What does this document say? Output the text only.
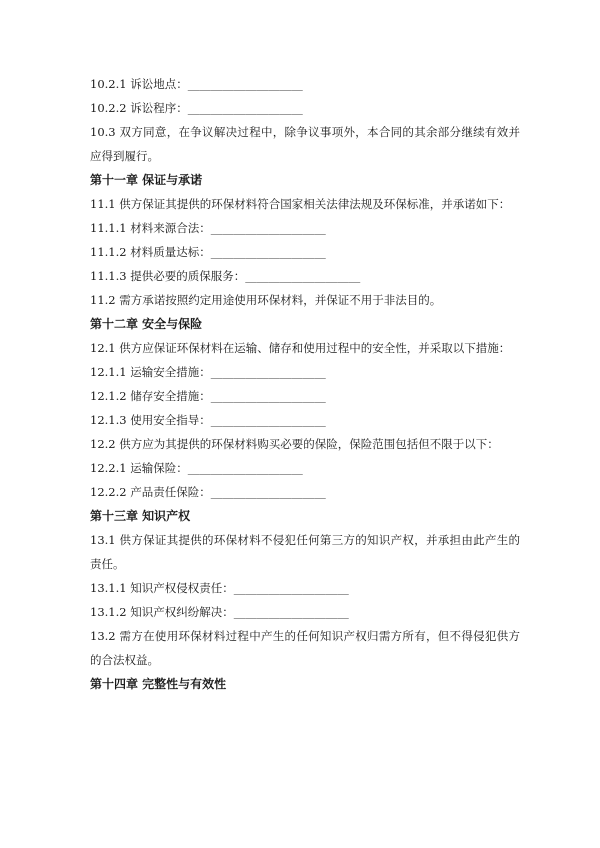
10.2.1 诉讼地点：____________________
10.2.2 诉讼程序：____________________
10.3 双方同意，在争议解决过程中，除争议事项外，本合同的其余部分继续有效并应得到履行。
第十一章 保证与承诺
11.1 供方保证其提供的环保材料符合国家相关法律法规及环保标准，并承诺如下：
11.1.1 材料来源合法：____________________
11.1.2 材料质量达标：____________________
11.1.3 提供必要的质保服务：____________________
11.2 需方承诺按照约定用途使用环保材料，并保证不用于非法目的。
第十二章 安全与保险
12.1 供方应保证环保材料在运输、储存和使用过程中的安全性，并采取以下措施：
12.1.1 运输安全措施：____________________
12.1.2 储存安全措施：____________________
12.1.3 使用安全指导：____________________
12.2 供方应为其提供的环保材料购买必要的保险，保险范围包括但不限于以下：
12.2.1 运输保险：____________________
12.2.2 产品责任保险：____________________
第十三章 知识产权
13.1 供方保证其提供的环保材料不侵犯任何第三方的知识产权，并承担由此产生的责任。
13.1.1 知识产权侵权责任：____________________
13.1.2 知识产权纠纷解决：____________________
13.2 需方在使用环保材料过程中产生的任何知识产权归需方所有，但不得侵犯供方的合法权益。
第十四章 完整性与有效性
